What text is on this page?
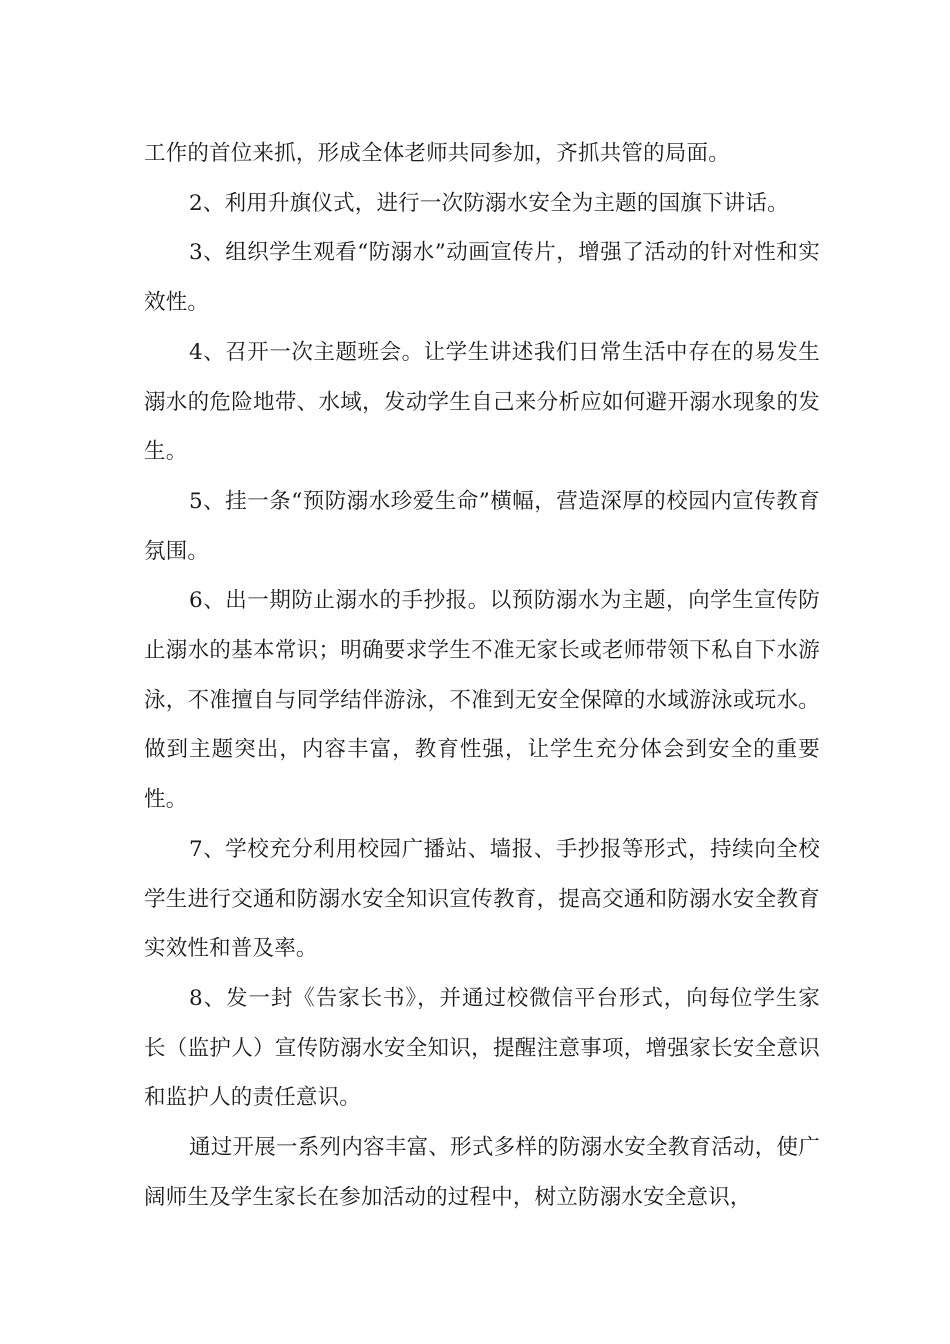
工作的首位来抓，形成全体老师共同参加，齐抓共管的局面。

2、利用升旗仪式，进行一次防溺水安全为主题的国旗下讲话。

3、组织学生观看“防溺水”动画宣传片，增强了活动的针对性和实效性。

4、召开一次主题班会。让学生讲述我们日常生活中存在的易发生溺水的危险地带、水域，发动学生自己来分析应如何避开溺水现象的发生。

5、挂一条“预防溺水珍爱生命”横幅，营造深厚的校园内宣传教育氛围。

6、出一期防止溺水的手抄报。以预防溺水为主题，向学生宣传防止溺水的基本常识；明确要求学生不准无家长或老师带领下私自下水游泳，不准擅自与同学结伴游泳，不准到无安全保障的水域游泳或玩水。做到主题突出，内容丰富，教育性强，让学生充分体会到安全的重要性。

7、学校充分利用校园广播站、墙报、手抄报等形式，持续向全校学生进行交通和防溺水安全知识宣传教育，提高交通和防溺水安全教育实效性和普及率。

8、发一封《告家长书》，并通过校微信平台形式，向每位学生家长（监护人）宣传防溺水安全知识，提醒注意事项，增强家长安全意识和监护人的责任意识。

通过开展一系列内容丰富、形式多样的防溺水安全教育活动，使广阔师生及学生家长在参加活动的过程中，树立防溺水安全意识，
